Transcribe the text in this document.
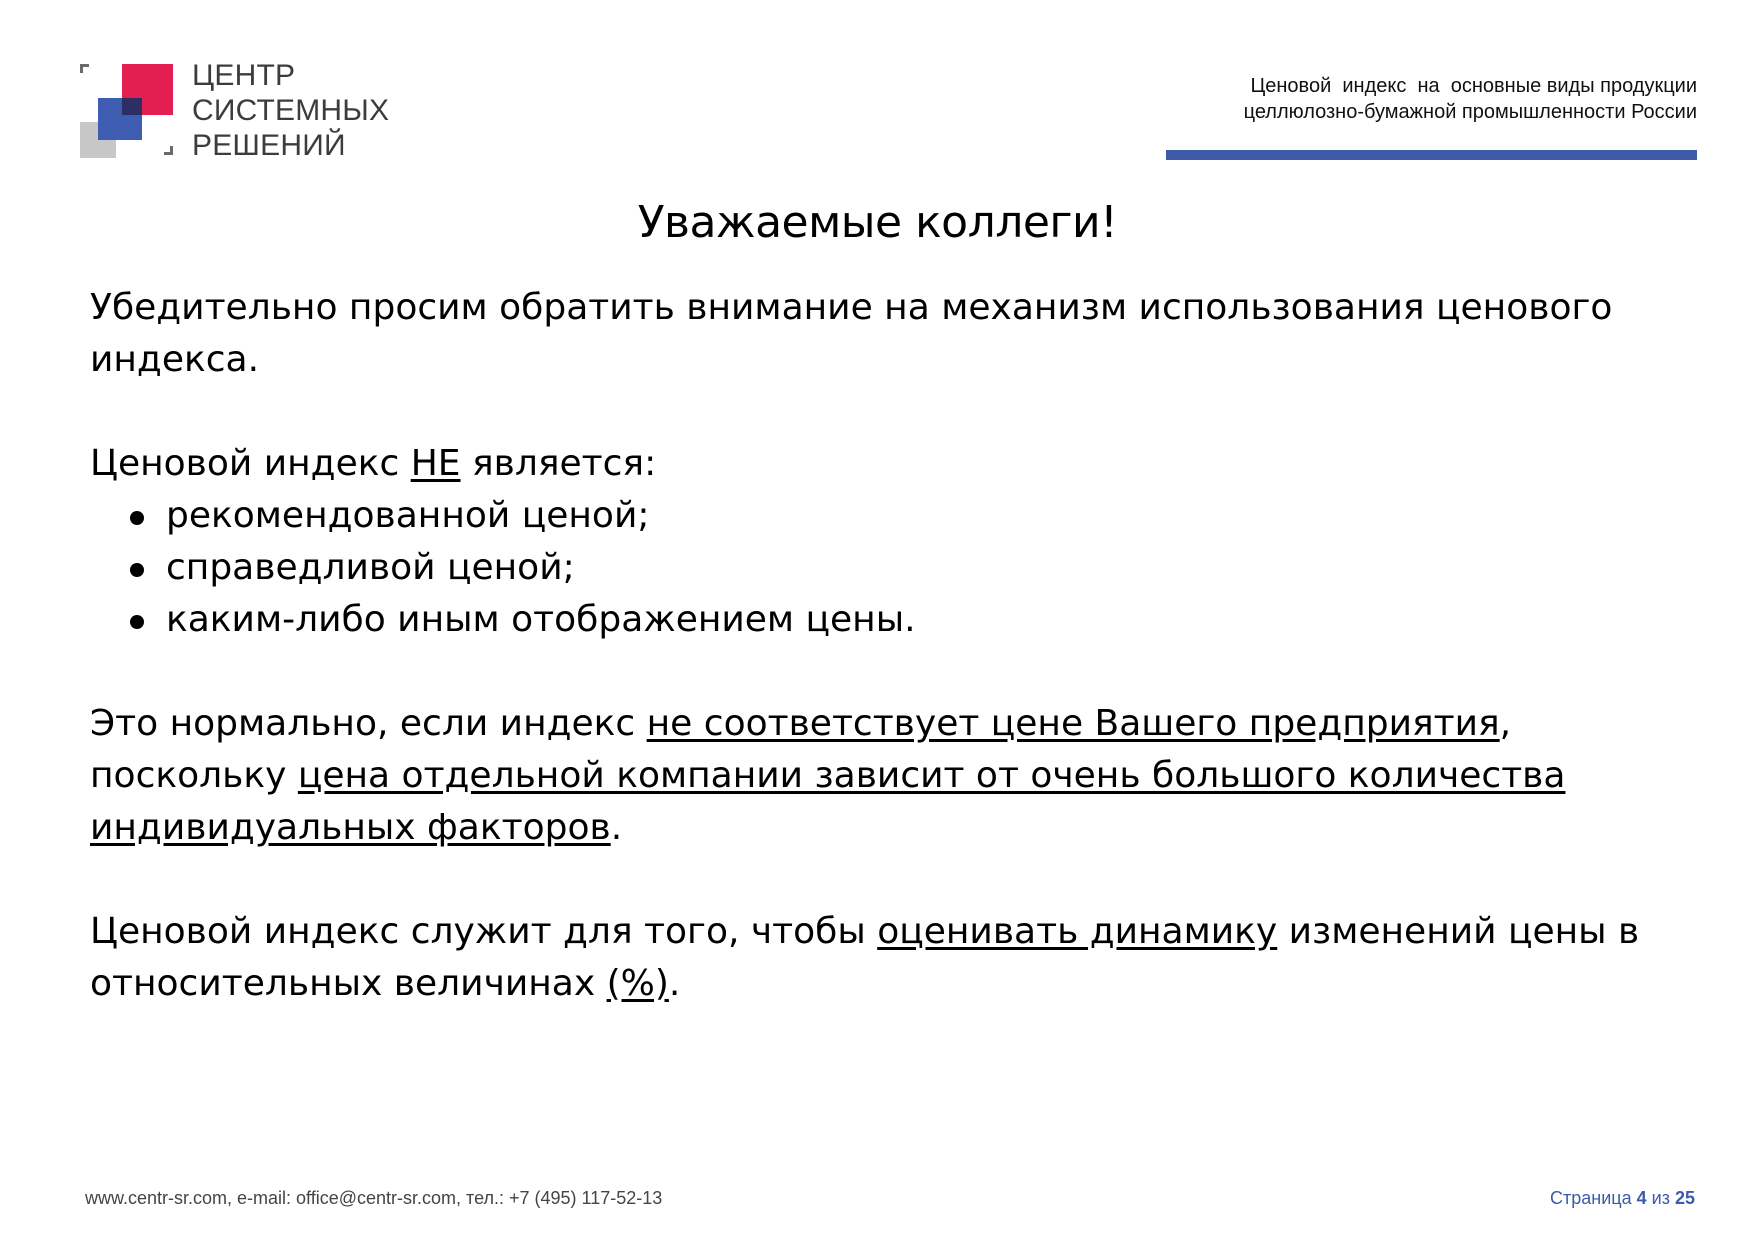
ЦЕНТР
СИСТЕМНЫХ
РЕШЕНИЙ
Ценовой  индекс  на  основные виды продукции
целлюлозно-бумажной промышленности России
Уважаемые коллеги!

Убедительно просим обратить внимание на механизм использования ценового индекса.

Ценовой индекс НЕ является:

рекомендованной ценой;
справедливой ценой;
каким-либо иным отображением цены.

Это нормально, если индекс не соответствует цене Вашего предприятия, поскольку цена отдельной компании зависит от очень большого количества индивидуальных факторов.

Ценовой индекс служит для того, чтобы оценивать динамику изменений цены в относительных величинах (%).

www.centr-sr.com, e-mail: office@centr-sr.com, тел.: +7 (495) 117-52-13	Страница 4 из 25
